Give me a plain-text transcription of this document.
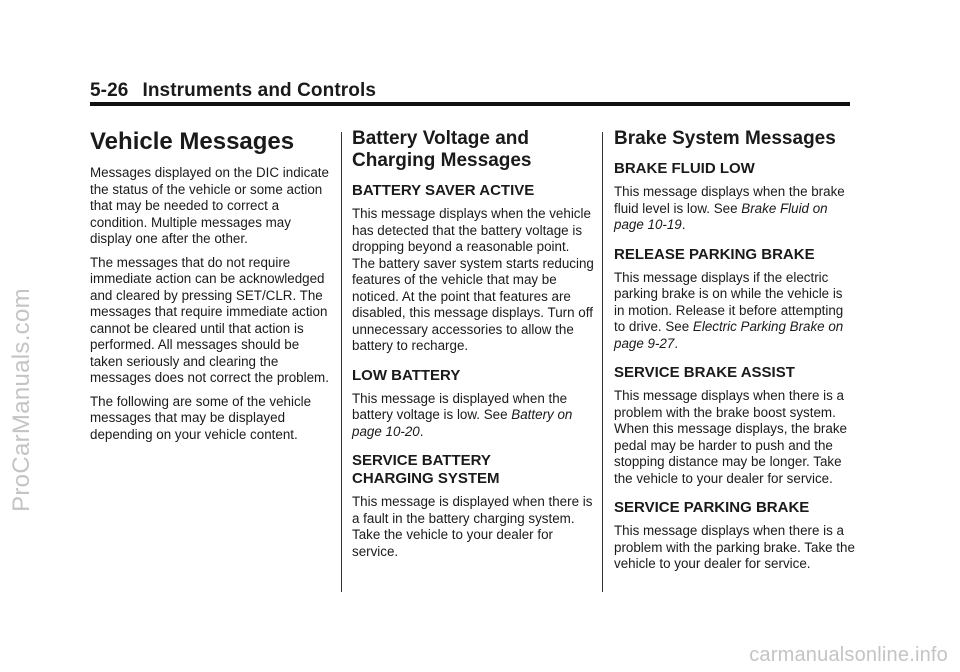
5-26 Instruments and Controls
Vehicle Messages

Messages displayed on the DIC indicate the status of the vehicle or some action that may be needed to correct a condition. Multiple messages may display one after the other.

The messages that do not require immediate action can be acknowledged and cleared by pressing SET/CLR. The messages that require immediate action cannot be cleared until that action is performed. All messages should be taken seriously and clearing the messages does not correct the problem.

The following are some of the vehicle messages that may be displayed depending on your vehicle content.

Battery Voltage and
Charging Messages
BATTERY SAVER ACTIVE

This message displays when the vehicle has detected that the battery voltage is dropping beyond a reasonable point. The battery saver system starts reducing features of the vehicle that may be noticed. At the point that features are disabled, this message displays. Turn off unnecessary accessories to allow the battery to recharge.

LOW BATTERY

This message is displayed when the battery voltage is low. See Battery on page 10-20.

SERVICE BATTERY
CHARGING SYSTEM

This message is displayed when there is a fault in the battery charging system. Take the vehicle to your dealer for service.

Brake System Messages
BRAKE FLUID LOW

This message displays when the brake fluid level is low. See Brake Fluid on page 10-19.

RELEASE PARKING BRAKE

This message displays if the electric parking brake is on while the vehicle is in motion. Release it before attempting to drive. See Electric Parking Brake on page 9-27.

SERVICE BRAKE ASSIST

This message displays when there is a problem with the brake boost system. When this message displays, the brake pedal may be harder to push and the stopping distance may be longer. Take the vehicle to your dealer for service.

SERVICE PARKING BRAKE

This message displays when there is a problem with the parking brake. Take the vehicle to your dealer for service.

ProCarManuals.com
carmanualsonline.info
